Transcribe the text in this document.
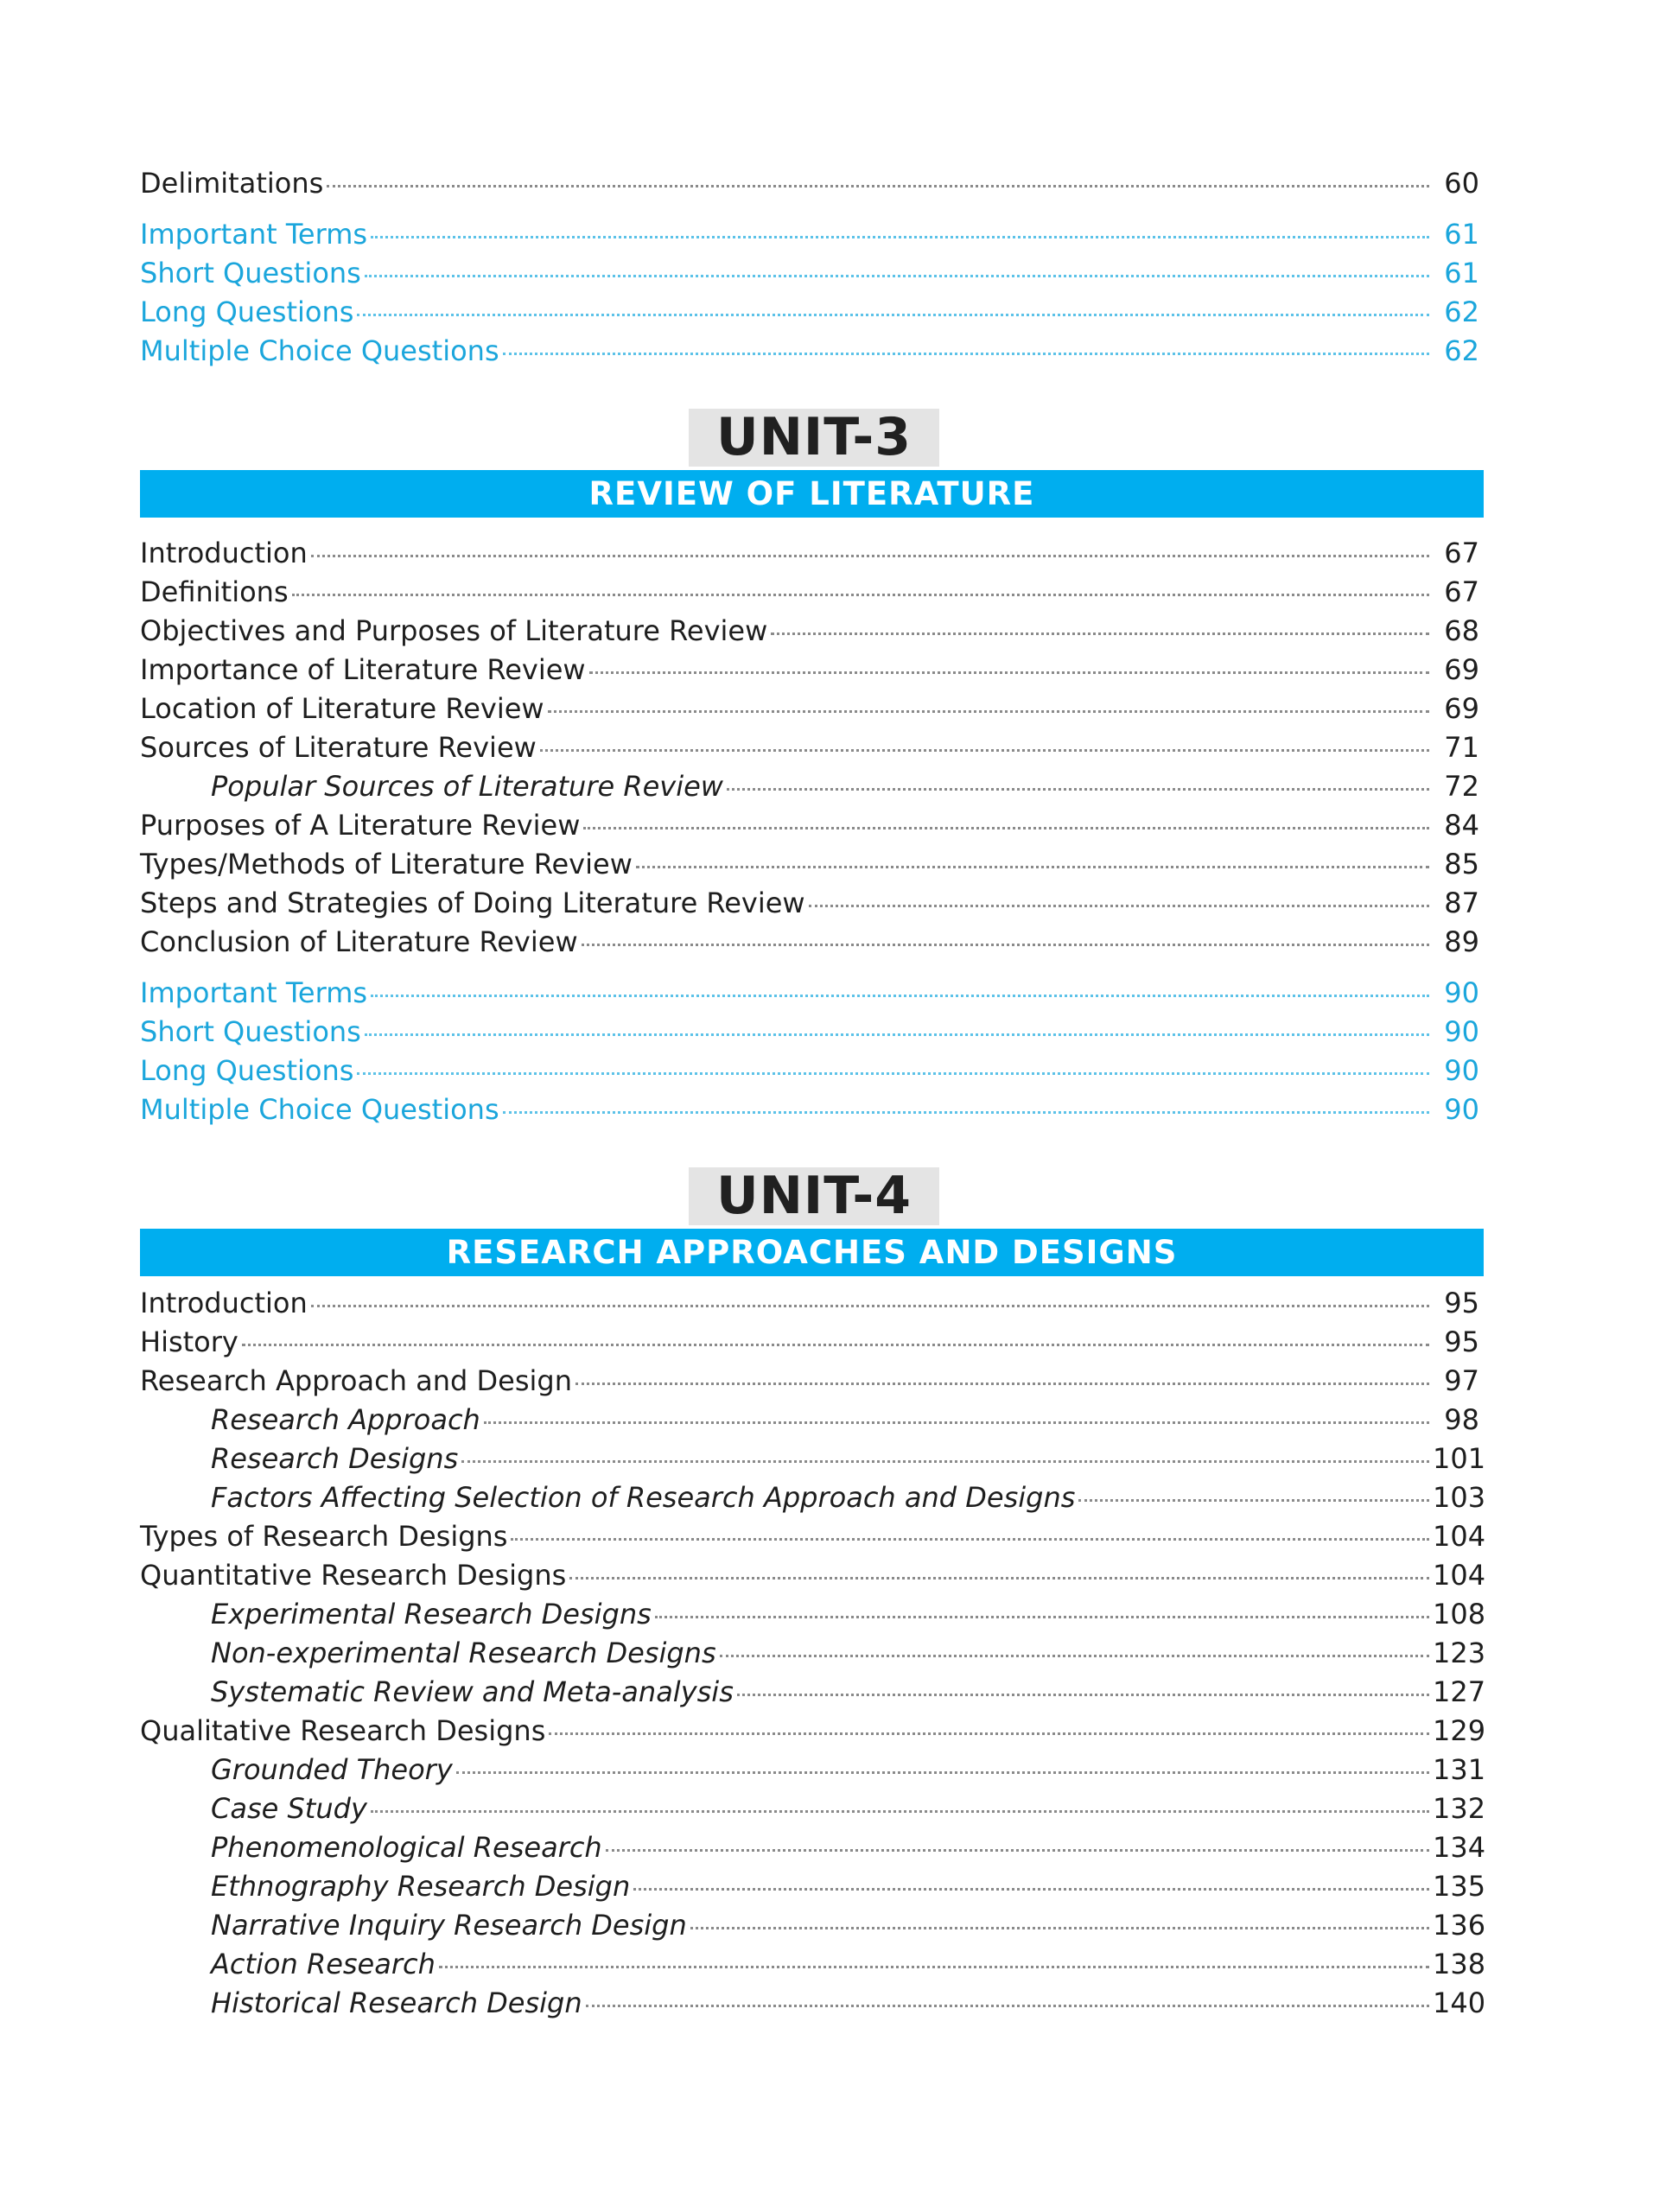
Delimitations	60
Important Terms	61
Short Questions	61
Long Questions	62
Multiple Choice Questions	62
UNIT-3
REVIEW OF LITERATURE
Introduction	67
Definitions	67
Objectives and Purposes of Literature Review	68
Importance of Literature Review	69
Location of Literature Review	69
Sources of Literature Review	71
Popular Sources of Literature Review	72
Purposes of A Literature Review	84
Types/Methods of Literature Review	85
Steps and Strategies of Doing Literature Review	87
Conclusion of Literature Review	89
Important Terms	90
Short Questions	90
Long Questions	90
Multiple Choice Questions	90
UNIT-4
RESEARCH APPROACHES AND DESIGNS
Introduction	95
History	95
Research Approach and Design	97
Research Approach	98
Research Designs	101
Factors Affecting Selection of Research Approach and Designs	103
Types of Research Designs	104
Quantitative Research Designs	104
Experimental Research Designs	108
Non-experimental Research Designs	123
Systematic Review and Meta-analysis	127
Qualitative Research Designs	129
Grounded Theory	131
Case Study	132
Phenomenological Research	134
Ethnography Research Design	135
Narrative Inquiry Research Design	136
Action Research	138
Historical Research Design	140
